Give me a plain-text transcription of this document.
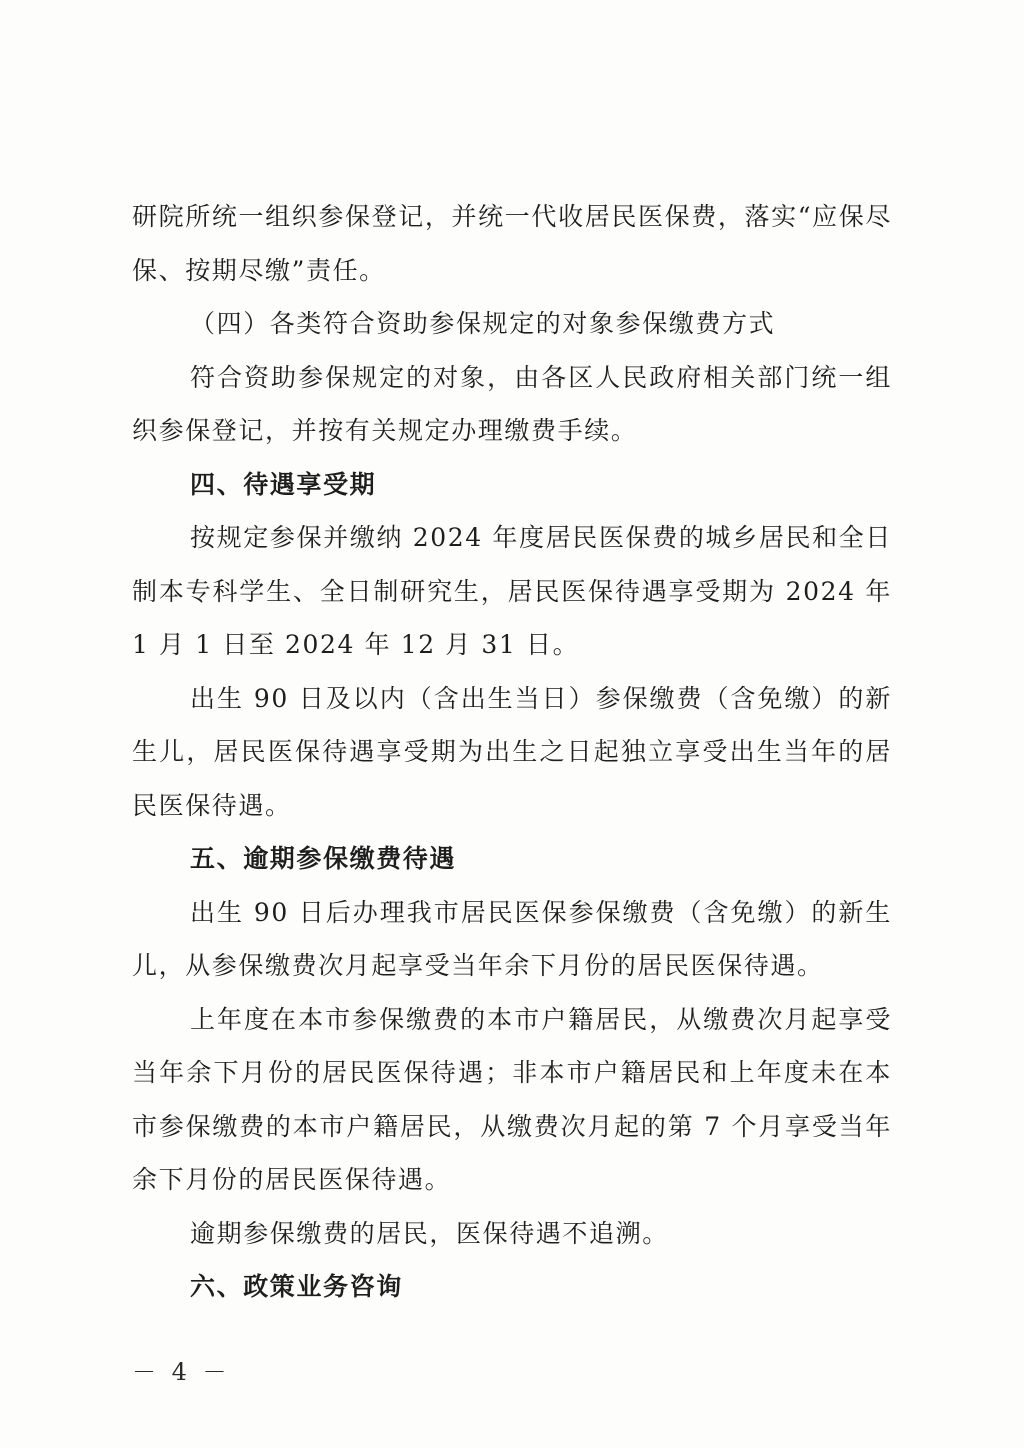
研院所统一组织参保登记，并统一代收居民医保费，落实“应保尽保、按期尽缴”责任。

（四）各类符合资助参保规定的对象参保缴费方式

符合资助参保规定的对象，由各区人民政府相关部门统一组织参保登记，并按有关规定办理缴费手续。

四、待遇享受期

按规定参保并缴纳 2024 年度居民医保费的城乡居民和全日制本专科学生、全日制研究生，居民医保待遇享受期为 2024 年 1 月 1 日至 2024 年 12 月 31 日。

出生 90 日及以内（含出生当日）参保缴费（含免缴）的新生儿，居民医保待遇享受期为出生之日起独立享受出生当年的居民医保待遇。

五、逾期参保缴费待遇

出生 90 日后办理我市居民医保参保缴费（含免缴）的新生儿，从参保缴费次月起享受当年余下月份的居民医保待遇。

上年度在本市参保缴费的本市户籍居民，从缴费次月起享受当年余下月份的居民医保待遇；非本市户籍居民和上年度未在本市参保缴费的本市户籍居民，从缴费次月起的第 7 个月享受当年余下月份的居民医保待遇。

逾期参保缴费的居民，医保待遇不追溯。

六、政策业务咨询

－ 4 －
